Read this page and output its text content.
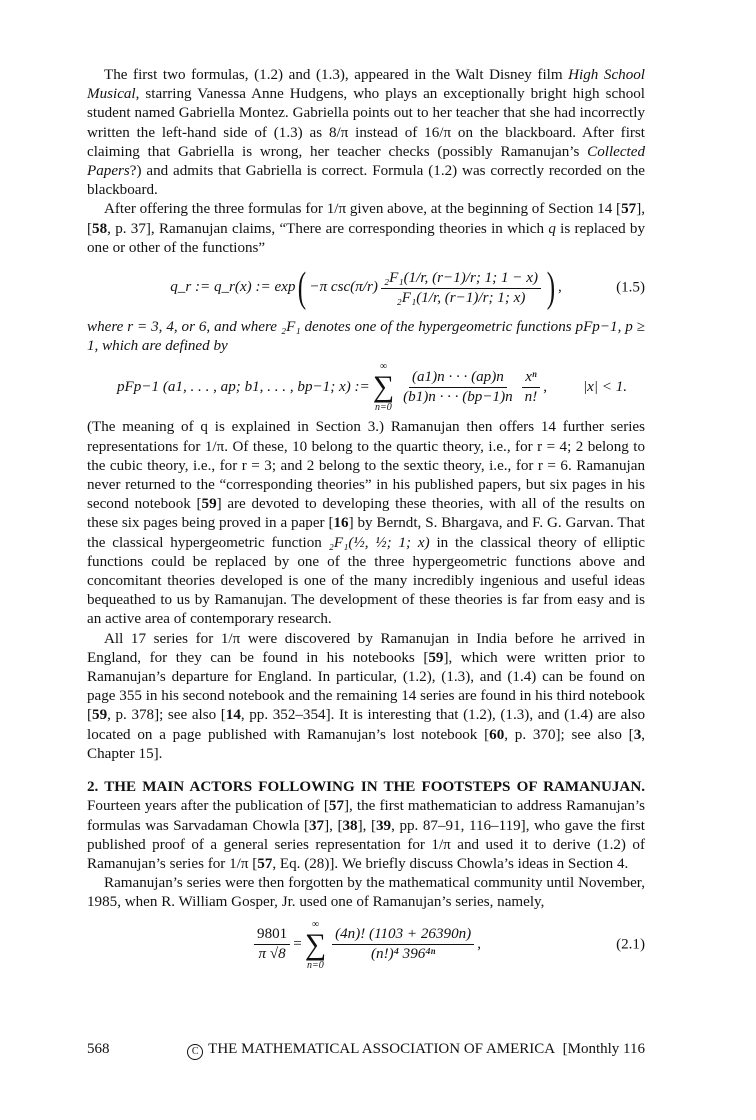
The first two formulas, (1.2) and (1.3), appeared in the Walt Disney film High School Musical, starring Vanessa Anne Hudgens, who plays an exceptionally bright high school student named Gabriella Montez. Gabriella points out to her teacher that she had incorrectly written the left-hand side of (1.3) as 8/π instead of 16/π on the blackboard. After first claiming that Gabriella is wrong, her teacher checks (possibly Ramanujan’s Collected Papers?) and admits that Gabriella is correct. Formula (1.2) was correctly recorded on the blackboard.

After offering the three formulas for 1/π given above, at the beginning of Section 14 [57], [58, p. 37], Ramanujan claims, “There are corresponding theories in which q is replaced by one or other of the functions”

q_r := q_r(x) := exp ( −π $\csc(\pi/r) \frac{\text{₂F₁(1/r, (r−1)/r; 1; 1 − x)}}{\text{₂F₁(1/r, (r−1)/r; 1; x)}}$ ) ,	(1.5)

where r = 3, 4, or 6, and where ₂F₁ denotes one of the hypergeometric functions pFp−1, p ≥ 1, which are defined by

pFp−1 (a1, . . . , ap; b1, . . . , bp−1; x) :=
∞
∑
n=0
$\frac{(a1)n \cdot \cdot \cdot (ap)n}{(b1)n \cdot \cdot \cdot (bp-1)n} \frac{\text{xⁿ}}{n!}$ , |x| < 1.

(The meaning of q is explained in Section 3.) Ramanujan then offers 14 further series representations for 1/π. Of these, 10 belong to the quartic theory, i.e., for r = 4; 2 belong to the cubic theory, i.e., for r = 3; and 2 belong to the sextic theory, i.e., for r = 6. Ramanujan never returned to the “corresponding theories” in his published papers, but six pages in his second notebook [59] are devoted to developing these theories, with all of the results on these six pages being proved in a paper [16] by Berndt, S. Bhargava, and F. G. Garvan. That the classical hypergeometric function ₂F₁(½, ½; 1; x) in the classical theory of elliptic functions could be replaced by one of the three hypergeometric functions above and concomitant theories developed is one of the many incredibly ingenious and useful ideas bequeathed to us by Ramanujan. The development of these theories is far from easy and is an active area of contemporary research.

All 17 series for 1/π were discovered by Ramanujan in India before he arrived in England, for they can be found in his notebooks [59], which were written prior to Ramanujan’s departure for England. In particular, (1.2), (1.3), and (1.4) can be found on page 355 in his second notebook and the remaining 14 series are found in his third notebook [59, p. 378]; see also [14, pp. 352–354]. It is interesting that (1.2), (1.3), and (1.4) are also located on a page published with Ramanujan’s lost notebook [60, p. 370]; see also [3, Chapter 15].

2. THE MAIN ACTORS FOLLOWING IN THE FOOTSTEPS OF RAMANUJAN. Fourteen years after the publication of [57], the first mathematician to address Ramanujan’s formulas was Sarvadaman Chowla [37], [38], [39, pp. 87–91, 116–119], who gave the first published proof of a general series representation for 1/π and used it to derive (1.2) of Ramanujan’s series for 1/π [57, Eq. (28)]. We briefly discuss Chowla’s ideas in Section 4.

Ramanujan’s series were then forgotten by the mathematical community until November, 1985, when R. William Gosper, Jr. used one of Ramanujan’s series, namely,

$\frac{9801}{\pi √8}$ =
∞
∑
n=0
$\frac{(4n)! (1103 + 26390n)}{\text{(n!)⁴ 396⁴ⁿ}}$ ,	(2.1)
568	C THE MATHEMATICAL ASSOCIATION OF AMERICA [Monthly 116
